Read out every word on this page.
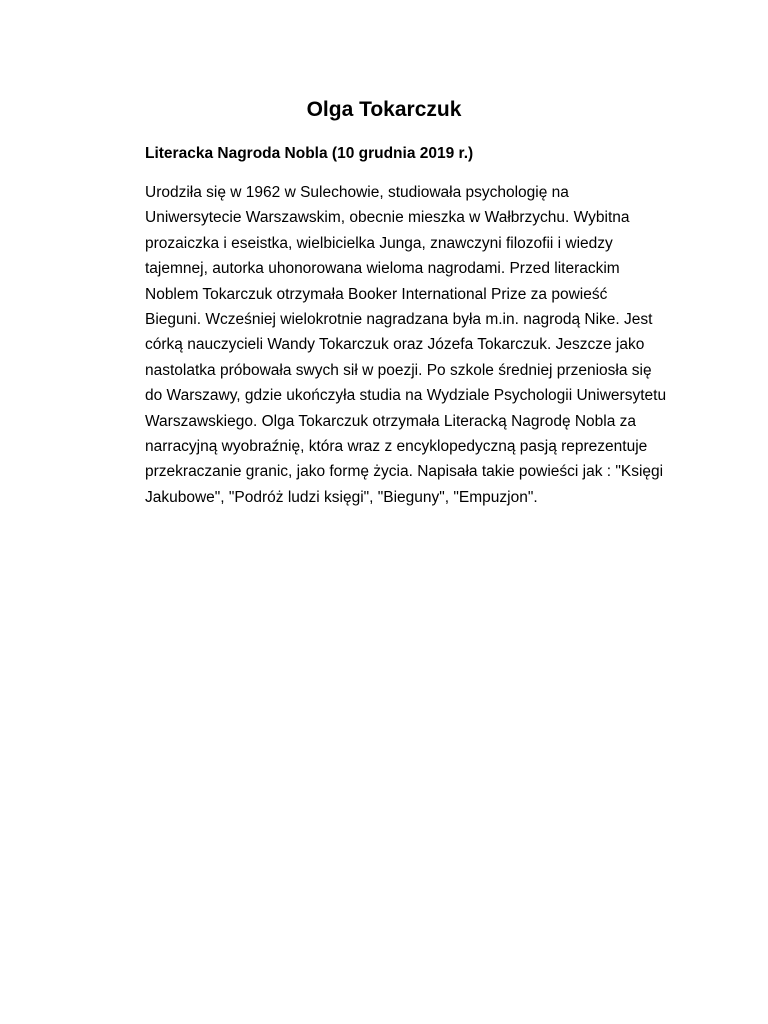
Olga Tokarczuk

Literacka Nagroda Nobla (10 grudnia 2019 r.)

Urodziła się w 1962 w Sulechowie, studiowała psychologię na
Uniwersytecie Warszawskim, obecnie mieszka w Wałbrzychu. Wybitna
prozaiczka i eseistka, wielbicielka Junga, znawczyni filozofii i wiedzy
tajemnej, autorka uhonorowana wieloma nagrodami. Przed literackim
Noblem Tokarczuk otrzymała Booker International Prize za powieść
Bieguni. Wcześniej wielokrotnie nagradzana była m.in. nagrodą Nike. Jest
córką nauczycieli Wandy Tokarczuk oraz Józefa Tokarczuk. Jeszcze jako
nastolatka próbowała swych sił w poezji. Po szkole średniej przeniosła się
do Warszawy, gdzie ukończyła studia na Wydziale Psychologii Uniwersytetu
Warszawskiego. Olga Tokarczuk otrzymała Literacką Nagrodę Nobla za
narracyjną wyobraźnię, która wraz z encyklopedyczną pasją reprezentuje
przekraczanie granic, jako formę życia. Napisała takie powieści jak : "Księgi
Jakubowe", "Podróż ludzi księgi", "Bieguny", "Empuzjon".
